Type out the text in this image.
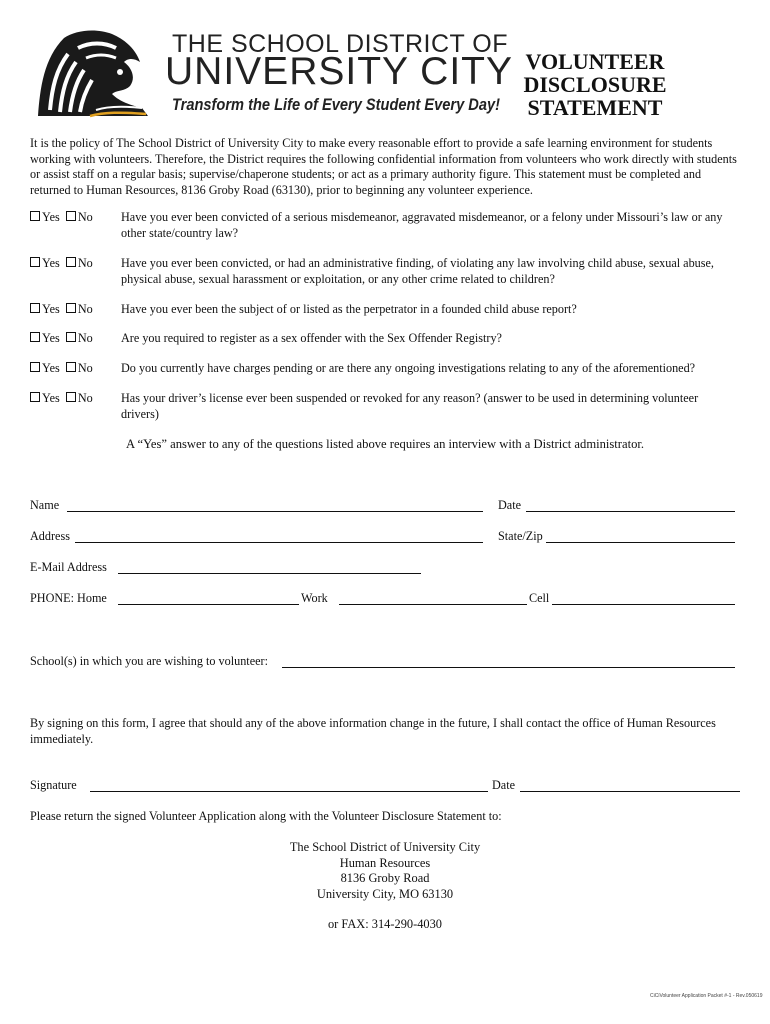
THE SCHOOL DISTRICT OF
UNIVERSITY CITY
Transform the Life of Every Student Every Day!
VOLUNTEER
DISCLOSURE
STATEMENT
It is the policy of The School District of University City to make every reasonable effort to provide a safe learning environment for students working with volunteers. Therefore, the District requires the following confidential information from volunteers who work directly with students or assist staff on a regular basis; supervise/chaperone students; or act as a primary authority figure. This statement must be completed and returned to Human Resources, 8136 Groby Road (63130), prior to beginning any volunteer experience.
Yes No	Have you ever been convicted of a serious misdemeanor, aggravated misdemeanor, or a felony under Missouri’s law or any other state/country law?
Yes No	Have you ever been convicted, or had an administrative finding, of violating any law involving child abuse, sexual abuse, physical abuse, sexual harassment or exploitation, or any other crime related to children?
Yes No	Have you ever been the subject of or listed as the perpetrator in a founded child abuse report?
Yes No	Are you required to register as a sex offender with the Sex Offender Registry?
Yes No	Do you currently have charges pending or are there any ongoing investigations relating to any of the aforementioned?
Yes No	Has your driver’s license ever been suspended or revoked for any reason? (answer to be used in determining volunteer drivers)
A “Yes” answer to any of the questions listed above requires an interview with a District administrator.
Name	Date
Address	State/Zip
E-Mail Address
PHONE: Home	Work	Cell
School(s) in which you are wishing to volunteer:
By signing on this form, I agree that should any of the above information change in the future, I shall contact the office of Human Resources immediately.
Signature	Date
Please return the signed Volunteer Application along with the Volunteer Disclosure Statement to:
The School District of University City
Human Resources
8136 Groby Road
University City, MO 63130
or FAX: 314-290-4030
CiCiVolunteer Application Packet #-1 - Rev.050619
